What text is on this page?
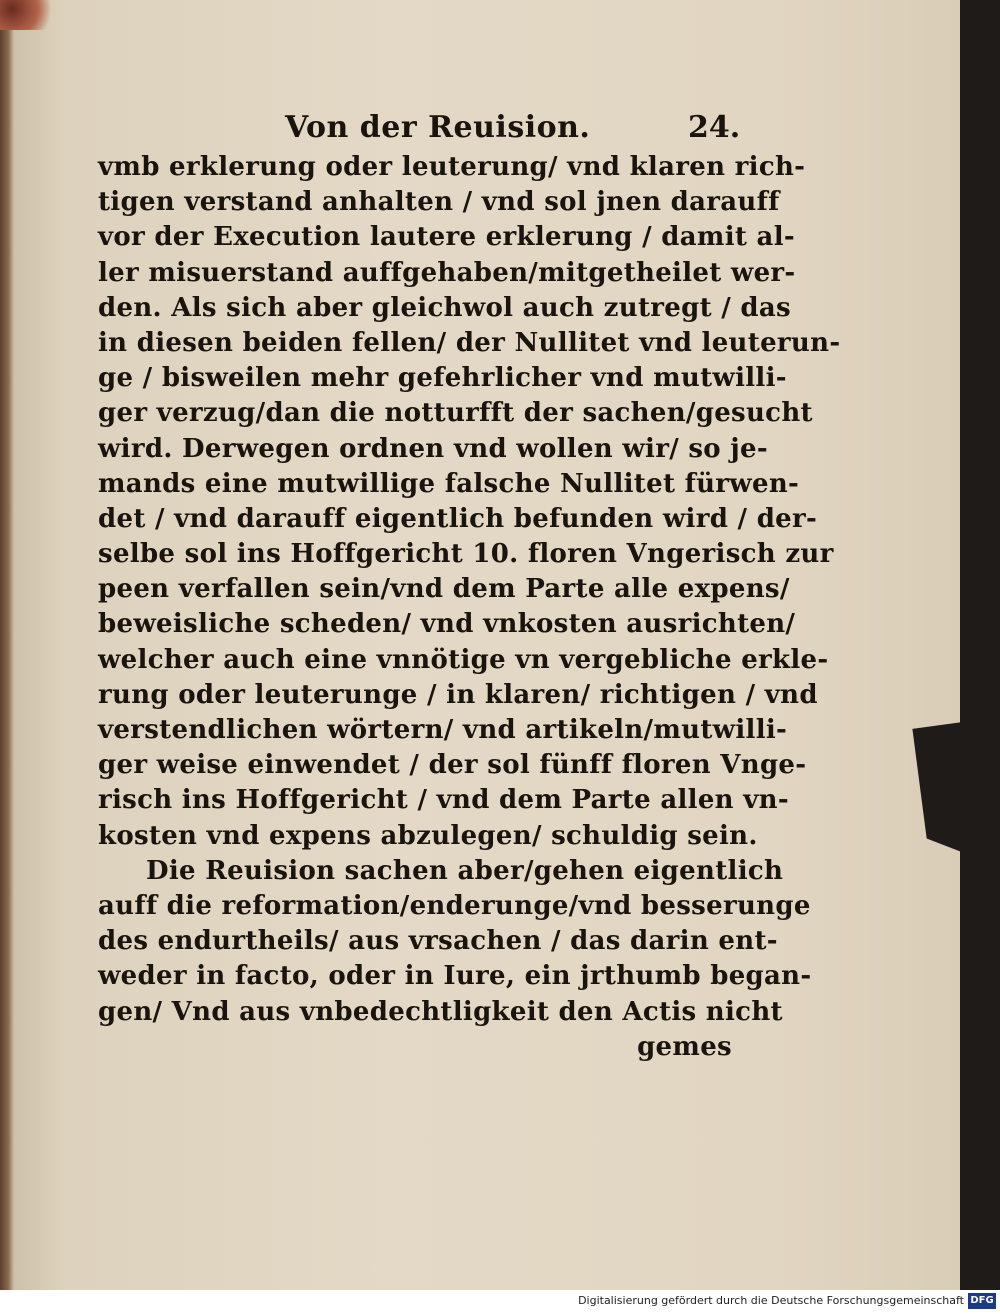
Von der Reuision.	24.
vmb erklerung oder leuterung/ vnd klaren rich-
tigen verstand anhalten / vnd sol jnen darauff
vor der Execution lautere erklerung / damit al-
ler misuerstand auffgehaben/mitgetheilet wer-
den. Als sich aber gleichwol auch zutregt / das
in diesen beiden fellen/ der Nullitet vnd leuterun-
ge / bisweilen mehr gefehrlicher vnd mutwilli-
ger verzug/dan die notturfft der sachen/gesucht
wird. Derwegen ordnen vnd wollen wir/ so je-
mands eine mutwillige falsche Nullitet fürwen-
det / vnd darauff eigentlich befunden wird / der-
selbe sol ins Hoffgericht 10. floren Vngerisch zur
peen verfallen sein/vnd dem Parte alle expens/
beweisliche scheden/ vnd vnkosten ausrichten/
welcher auch eine vnnötige vn vergebliche erkle-
rung oder leuterunge / in klaren/ richtigen / vnd
verstendlichen wörtern/ vnd artikeln/mutwilli-
ger weise einwendet / der sol fünff floren Vnge-
risch ins Hoffgericht / vnd dem Parte allen vn-
kosten vnd expens abzulegen/ schuldig sein.
Die Reuision sachen aber/gehen eigentlich
auff die reformation/enderunge/vnd besserunge
des endurtheils/ aus vrsachen / das darin ent-
weder in facto, oder in Iure, ein jrthumb began-
gen/ Vnd aus vnbedechtligkeit den Actis nicht
gemes
Digitalisierung gefördert durch die Deutsche Forschungsgemeinschaft DFG
